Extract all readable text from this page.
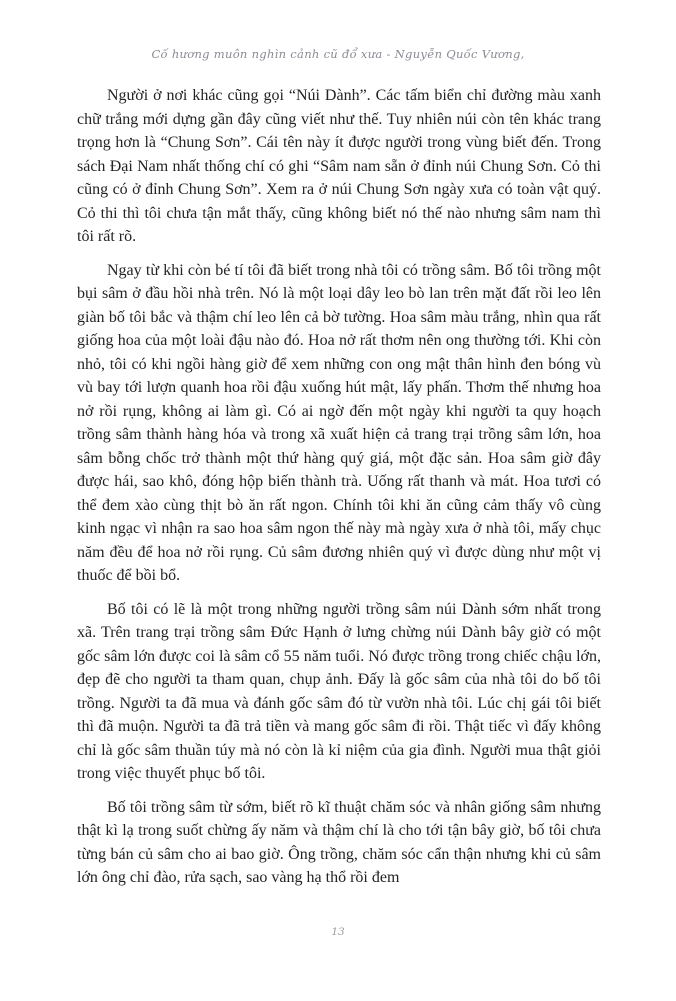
Cố hương muôn nghìn cảnh cũ đổ xưa - Nguyễn Quốc Vương,

Người ở nơi khác cũng gọi “Núi Dành”. Các tấm biển chỉ đường màu xanh chữ trắng mới dựng gần đây cũng viết như thế. Tuy nhiên núi còn tên khác trang trọng hơn là “Chung Sơn”. Cái tên này ít được người trong vùng biết đến. Trong sách Đại Nam nhất thống chí có ghi “Sâm nam sẵn ở đỉnh núi Chung Sơn. Cỏ thi cũng có ở đỉnh Chung Sơn”. Xem ra ở núi Chung Sơn ngày xưa có toàn vật quý. Cỏ thi thì tôi chưa tận mắt thấy, cũng không biết nó thế nào nhưng sâm nam thì tôi rất rõ.

Ngay từ khi còn bé tí tôi đã biết trong nhà tôi có trồng sâm. Bố tôi trồng một bụi sâm ở đầu hồi nhà trên. Nó là một loại dây leo bò lan trên mặt đất rồi leo lên giàn bố tôi bắc và thậm chí leo lên cả bờ tường. Hoa sâm màu trắng, nhìn qua rất giống hoa của một loài đậu nào đó. Hoa nở rất thơm nên ong thường tới. Khi còn nhỏ, tôi có khi ngồi hàng giờ để xem những con ong mật thân hình đen bóng vù vù bay tới lượn quanh hoa rồi đậu xuống hút mật, lấy phấn. Thơm thế nhưng hoa nở rồi rụng, không ai làm gì. Có ai ngờ đến một ngày khi người ta quy hoạch trồng sâm thành hàng hóa và trong xã xuất hiện cả trang trại trồng sâm lớn, hoa sâm bỗng chốc trở thành một thứ hàng quý giá, một đặc sản. Hoa sâm giờ đây được hái, sao khô, đóng hộp biến thành trà. Uống rất thanh và mát. Hoa tươi có thể đem xào cùng thịt bò ăn rất ngon. Chính tôi khi ăn cũng cảm thấy vô cùng kinh ngạc vì nhận ra sao hoa sâm ngon thế này mà ngày xưa ở nhà tôi, mấy chục năm đều để hoa nở rồi rụng. Củ sâm đương nhiên quý vì được dùng như một vị thuốc để bồi bổ.

Bố tôi có lẽ là một trong những người trồng sâm núi Dành sớm nhất trong xã. Trên trang trại trồng sâm Đức Hạnh ở lưng chừng núi Dành bây giờ có một gốc sâm lớn được coi là sâm cổ 55 năm tuổi. Nó được trồng trong chiếc chậu lớn, đẹp đẽ cho người ta tham quan, chụp ảnh. Đấy là gốc sâm của nhà tôi do bố tôi trồng. Người ta đã mua và đánh gốc sâm đó từ vườn nhà tôi. Lúc chị gái tôi biết thì đã muộn. Người ta đã trả tiền và mang gốc sâm đi rồi. Thật tiếc vì đấy không chỉ là gốc sâm thuần túy mà nó còn là kỉ niệm của gia đình. Người mua thật giỏi trong việc thuyết phục bố tôi.

Bố tôi trồng sâm từ sớm, biết rõ kĩ thuật chăm sóc và nhân giống sâm nhưng thật kì lạ trong suốt chừng ấy năm và thậm chí là cho tới tận bây giờ, bố tôi chưa từng bán củ sâm cho ai bao giờ. Ông trồng, chăm sóc cẩn thận nhưng khi củ sâm lớn ông chỉ đào, rửa sạch, sao vàng hạ thổ rồi đem

13
